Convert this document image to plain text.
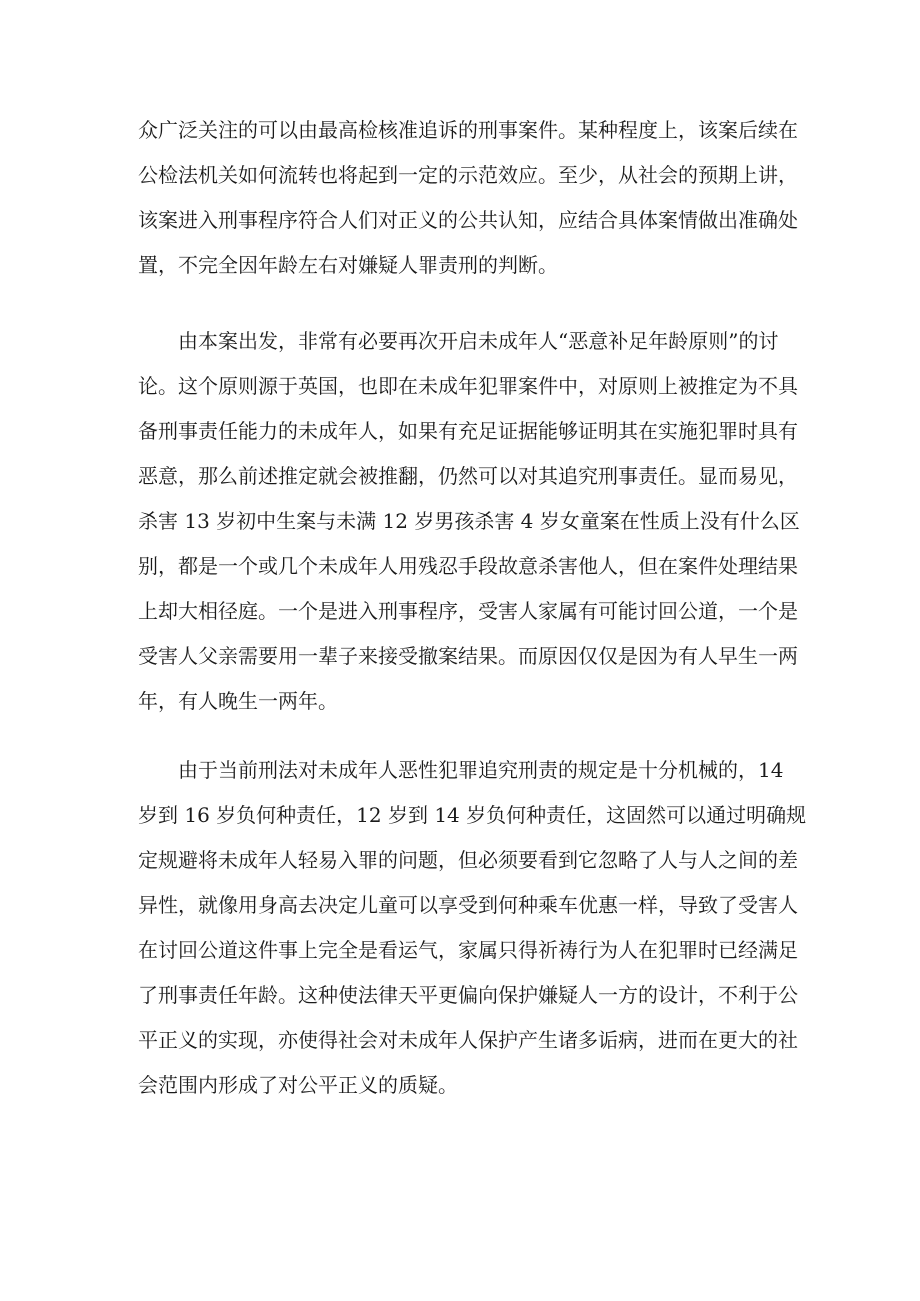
众广泛关注的可以由最高检核准追诉的刑事案件。某种程度上，该案后续在
公检法机关如何流转也将起到一定的示范效应。至少，从社会的预期上讲，
该案进入刑事程序符合人们对正义的公共认知，应结合具体案情做出准确处
置，不完全因年龄左右对嫌疑人罪责刑的判断。
由本案出发，非常有必要再次开启未成年人“恶意补足年龄原则”的讨
论。这个原则源于英国，也即在未成年犯罪案件中，对原则上被推定为不具
备刑事责任能力的未成年人，如果有充足证据能够证明其在实施犯罪时具有
恶意，那么前述推定就会被推翻，仍然可以对其追究刑事责任。显而易见，
杀害 13 岁初中生案与未满 12 岁男孩杀害 4 岁女童案在性质上没有什么区
别，都是一个或几个未成年人用残忍手段故意杀害他人，但在案件处理结果
上却大相径庭。一个是进入刑事程序，受害人家属有可能讨回公道，一个是
受害人父亲需要用一辈子来接受撤案结果。而原因仅仅是因为有人早生一两
年，有人晚生一两年。
由于当前刑法对未成年人恶性犯罪追究刑责的规定是十分机械的，14
岁到 16 岁负何种责任，12 岁到 14 岁负何种责任，这固然可以通过明确规
定规避将未成年人轻易入罪的问题，但必须要看到它忽略了人与人之间的差
异性，就像用身高去决定儿童可以享受到何种乘车优惠一样，导致了受害人
在讨回公道这件事上完全是看运气，家属只得祈祷行为人在犯罪时已经满足
了刑事责任年龄。这种使法律天平更偏向保护嫌疑人一方的设计，不利于公
平正义的实现，亦使得社会对未成年人保护产生诸多诟病，进而在更大的社
会范围内形成了对公平正义的质疑。
